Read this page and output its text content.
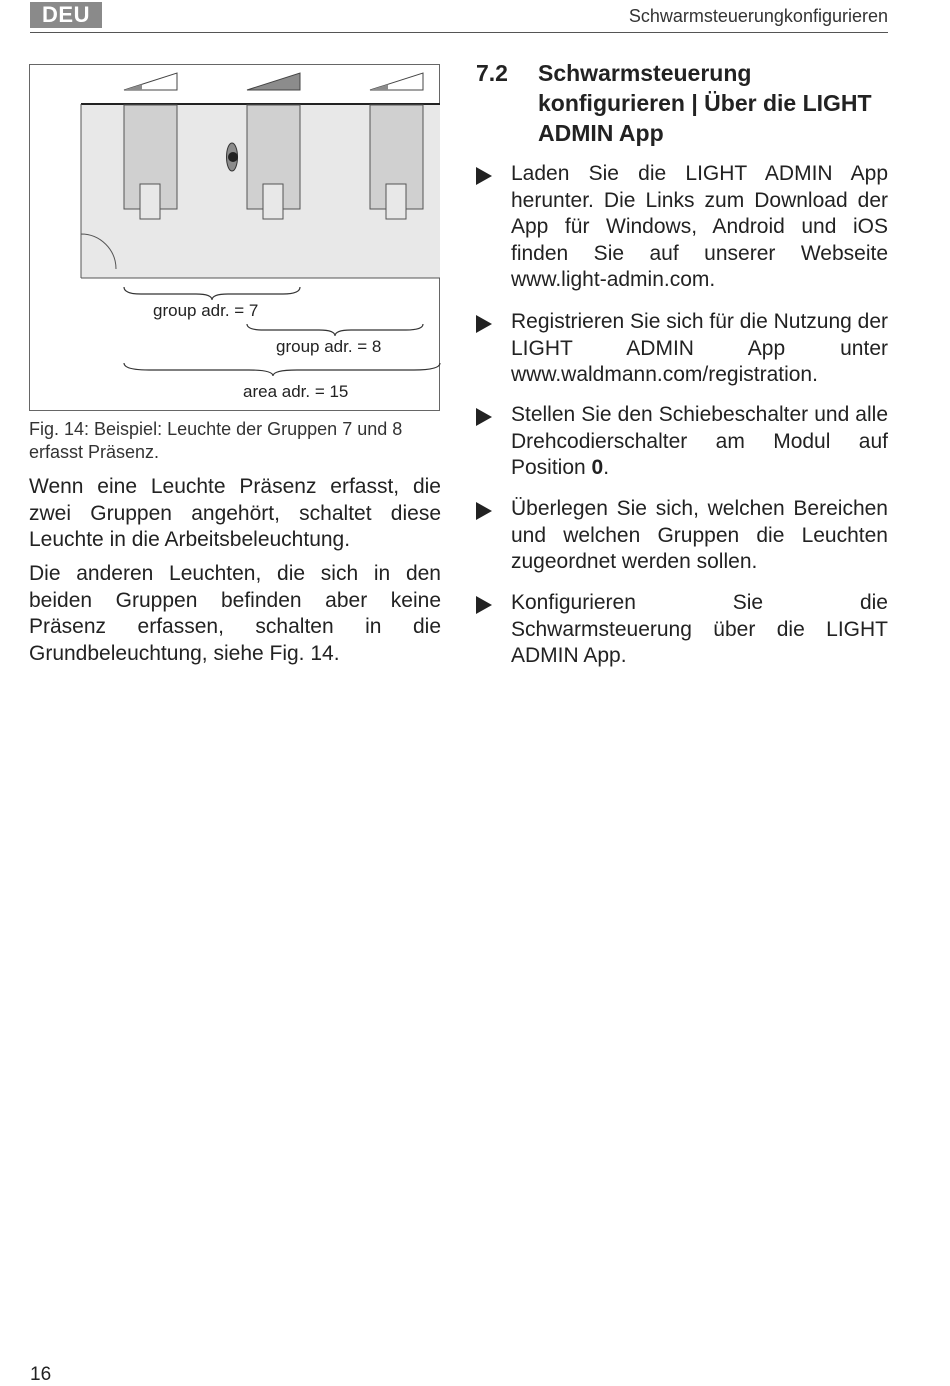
DEU	Schwarmsteuerungkonfigurieren
group adr. = 7
group adr. = 8
area adr. = 15
Fig. 14: Beispiel: Leuchte der Gruppen 7 und 8 erfasst Präsenz.
Wenn eine Leuchte Präsenz erfasst, die zwei Gruppen angehört, schaltet diese Leuchte in die Arbeitsbeleuchtung.
Die anderen Leuchten, die sich in den beiden Gruppen befinden aber keine Präsenz erfassen, schalten in die Grundbeleuchtung, siehe Fig. 14.
7.2 Schwarmsteuerung konfigurieren | Über die LIGHT ADMIN App
Laden Sie die LIGHT ADMIN App herunter. Die Links zum Download der App für Windows, Android und iOS finden Sie auf unserer Webseite www.light-admin.com.
Registrieren Sie sich für die Nutzung der LIGHT ADMIN App unter www.waldmann.com/registration.
Stellen Sie den Schiebeschalter und alle Drehcodierschalter am Modul auf Position 0.
Überlegen Sie sich, welchen Bereichen und welchen Gruppen die Leuchten zugeordnet werden sollen.
Konfigurieren Sie die Schwarmsteuerung über die LIGHT ADMIN App.
16
